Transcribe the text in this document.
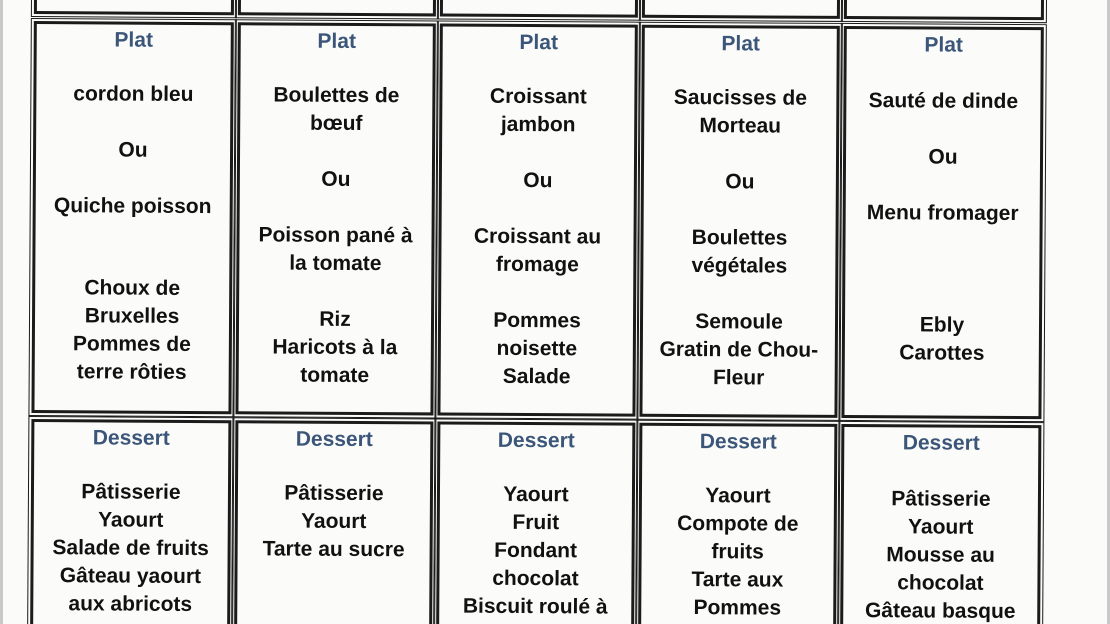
Plat
cordon bleu
Ou
Quiche poisson
Choux de
Bruxelles
Pommes de
terre rôties
Plat
Boulettes de
bœuf
Ou
Poisson pané à
la tomate
Riz
Haricots à la
tomate
Plat
Croissant
jambon
Ou
Croissant au
fromage
Pommes
noisette
Salade
Plat
Saucisses de
Morteau
Ou
Boulettes
végétales
Semoule
Gratin de Chou-
Fleur
Plat
Sauté de dinde
Ou
Menu fromager
Ebly
Carottes
Dessert
Pâtisserie
Yaourt
Salade de fruits
Gâteau yaourt
aux abricots
Dessert
Pâtisserie
Yaourt
Tarte au sucre
Dessert
Yaourt
Fruit
Fondant
chocolat
Biscuit roulé à
Dessert
Yaourt
Compote de
fruits
Tarte aux
Pommes
Dessert
Pâtisserie
Yaourt
Mousse au
chocolat
Gâteau basque
